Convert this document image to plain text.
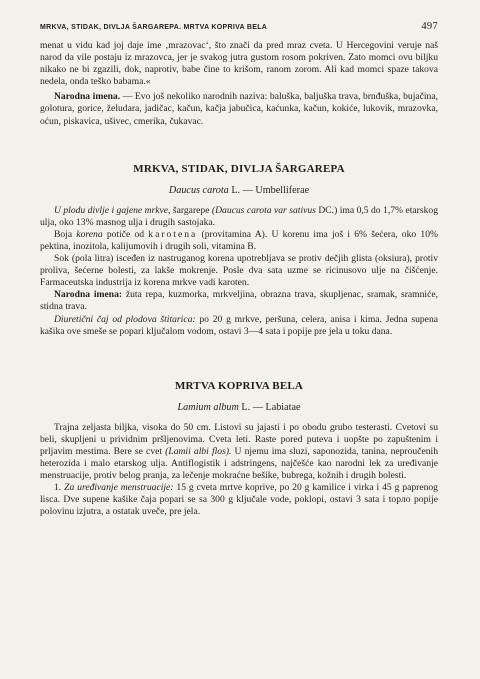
MRKVA, STIDAK, DIVLJA ŠARGAREPA. MRTVA KOPRIVA BELA	497

menat u vidu kad joj daje ime ‚mrazovac‘, što znači da pred mraz cveta. U Hercegovini veruje naš narod da vile postaju iz mrazovca, jer je svakog jutra gustom rosom pokriven. Zato momci ovu biljku nikako ne bi zgazili, dok, naprotiv, babe čine to krišom, ranom zorom. Ali kad momci spaze takova nedela, onda teško babama.«

Narodna imena. — Evo još nekoliko narodnih naziva: baluška, baljuška trava, brnđuška, bujačina, golotura, gorice, želudara, jadičac, kačun, kačja jabučica, kaćunka, kačun, kokiće, lukovik, mrazovka, oćun, piskavica, ušivec, cmerika, čukavac.

MRKVA, STIDAK, DIVLJA ŠARGAREPA
Daucus carota L. — Umbelliferae

U plodu divlje i gajene mrkve, šargarepe (Daucus carota var sativus DC.) ima 0,5 do 1,7% etarskog ulja, oko 13% masnog ulja i drugih sastojaka.

Boja korena potiče od karotena (provitamina A). U korenu ima još i 6% šećera, oko 10% pektina, inozitola, kalijumovih i drugih soli, vitamina B.

Sok (pola litra) isceđen iz nastruganog korena upotrebljava se protiv dečjih glista (oksiura), protiv proliva, šećerne bolesti, za lakše mokrenje. Posle dva sata uzme se ricinusovo ulje na čišćenje. Farmaceutska industrija iz korena mrkve vadi karoten.

Narodna imena: žuta repa, kuzmorka, mrkveljina, obrazna trava, skupljenac, sramak, sramniće, stidna trava.

Diuretični čaj od plodova štitarica: po 20 g mrkve, peršuna, celera, anisa i kima. Jedna supena kašika ove smeše se popari ključalom vodom, ostavi 3—4 sata i popije pre jela u toku dana.

MRTVA KOPRIVA BELA
Lamium album L. — Labiatae

Trajna zeljasta biljka, visoka do 50 cm. Listovi su jajasti i po obodu grubo testerasti. Cvetovi su beli, skupljeni u prividnim pršljenovima. Cveta leti. Raste pored puteva i uopšte po zapuštenim i prljavim mestima. Bere se cvet (Lamii albi flos). U njemu ima sluzi, saponozida, tanina, neproučenih heterozida i malo etarskog ulja. Antiflogistik i adstringens, najčešće kao narodni lek za uređivanje menstruacije, protiv belog pranja, za lečenje mokraćne bešike, bubrega, kožnih i drugih bolesti.

1. Za uređivanje menstruacije: 15 g cveta mrtve koprive, po 20 g kamilice i virka i 45 g paprenog lisca. Dve supene kašike čaja popari se sa 300 g ključale vode, poklopi, ostavi 3 sata i topло popije polovinu izjutra, a ostatak uveče, pre jela.
